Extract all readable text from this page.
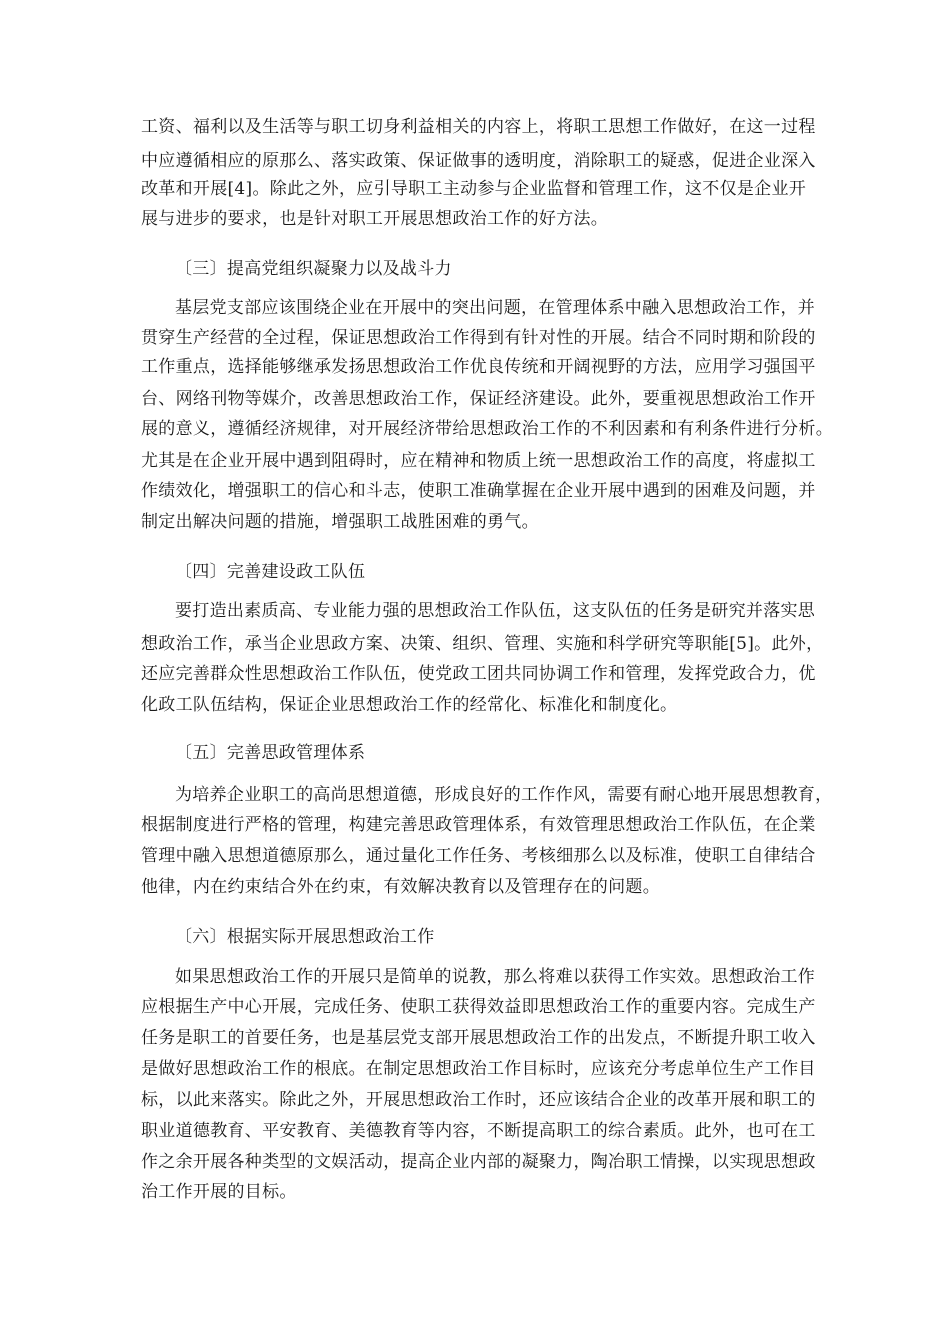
工资、福利以及生活等与职工切身利益相关的内容上，将职工思想工作做好，在这一过程
中应遵循相应的原那么、落实政策、保证做事的透明度，消除职工的疑惑，促进企业深入
改革和开展[4]。除此之外，应引导职工主动参与企业监督和管理工作，这不仅是企业开
展与进步的要求，也是针对职工开展思想政治工作的好方法。
〔三〕提高党组织凝聚力以及战斗力
基层党支部应该围绕企业在开展中的突出问题，在管理体系中融入思想政治工作，并
贯穿生产经营的全过程，保证思想政治工作得到有针对性的开展。结合不同时期和阶段的
工作重点，选择能够继承发扬思想政治工作优良传统和开阔视野的方法，应用学习强国平
台、网络刊物等媒介，改善思想政治工作，保证经济建设。此外，要重视思想政治工作开
展的意义，遵循经济规律，对开展经济带给思想政治工作的不利因素和有利条件进行分析。
尤其是在企业开展中遇到阻碍时，应在精神和物质上统一思想政治工作的高度，将虚拟工
作绩效化，增强职工的信心和斗志，使职工准确掌握在企业开展中遇到的困难及问题，并
制定出解决问题的措施，增强职工战胜困难的勇气。
〔四〕完善建设政工队伍
要打造出素质高、专业能力强的思想政治工作队伍，这支队伍的任务是研究并落实思
想政治工作，承当企业思政方案、决策、组织、管理、实施和科学研究等职能[5]。此外，
还应完善群众性思想政治工作队伍，使党政工团共同协调工作和管理，发挥党政合力，优
化政工队伍结构，保证企业思想政治工作的经常化、标准化和制度化。
〔五〕完善思政管理体系
为培养企业职工的高尚思想道德，形成良好的工作作风，需要有耐心地开展思想教育，
根据制度进行严格的管理，构建完善思政管理体系，有效管理思想政治工作队伍，在企業
管理中融入思想道德原那么，通过量化工作任务、考核细那么以及标准，使职工自律结合
他律，内在约束结合外在约束，有效解决教育以及管理存在的问题。
〔六〕根据实际开展思想政治工作
如果思想政治工作的开展只是简单的说教，那么将难以获得工作实效。思想政治工作
应根据生产中心开展，完成任务、使职工获得效益即思想政治工作的重要内容。完成生产
任务是职工的首要任务，也是基层党支部开展思想政治工作的出发点，不断提升职工收入
是做好思想政治工作的根底。在制定思想政治工作目标时，应该充分考虑单位生产工作目
标，以此来落实。除此之外，开展思想政治工作时，还应该结合企业的改革开展和职工的
职业道德教育、平安教育、美德教育等内容，不断提高职工的综合素质。此外，也可在工
作之余开展各种类型的文娱活动，提高企业内部的凝聚力，陶冶职工情操，以实现思想政
治工作开展的目标。
